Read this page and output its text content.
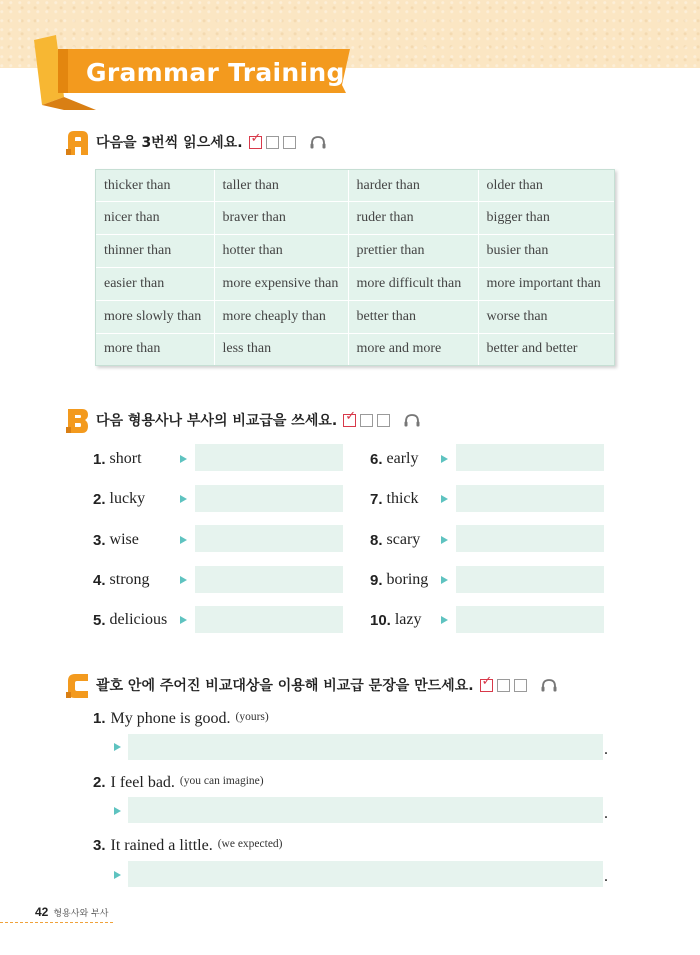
Grammar Training
다음을 3번씩 읽으세요. ✓
thicker than	taller than	harder than	older than
nicer than	braver than	ruder than	bigger than
thinner than	hotter than	prettier than	busier than
easier than	more expensive than	more difficult than	more important than
more slowly than	more cheaply than	better than	worse than
more than	less than	more and more	better and better
다음 형용사나 부사의 비교급을 쓰세요. ✓
1. short
2. lucky
3. wise
4. strong
5. delicious
6. early
7. thick
8. scary
9. boring
10. lazy
괄호 안에 주어진 비교대상을 이용해 비교급 문장을 만드세요. ✓
1. My phone is good. (yours)
.
2. I feel bad. (you can imagine)
.
3. It rained a little. (we expected)
.
42 형용사와 부사
